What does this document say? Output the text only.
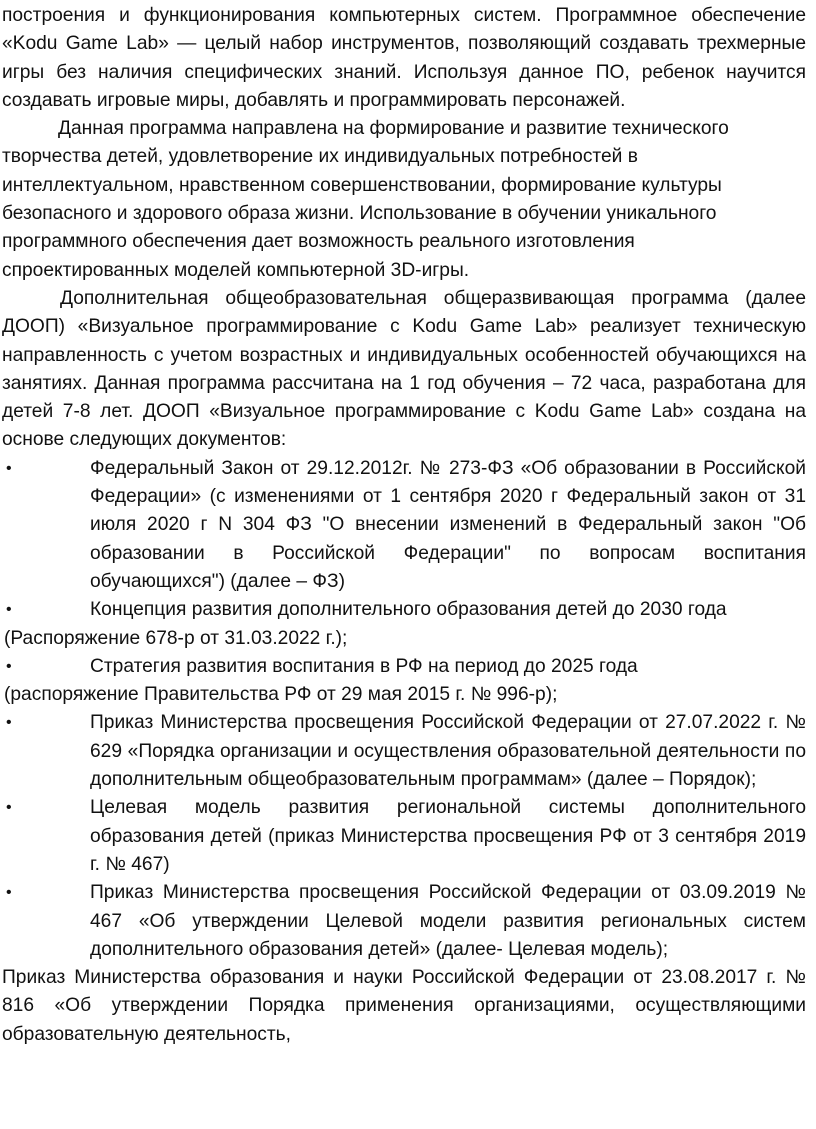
построения и функционирования компьютерных систем. Программное обеспечение «Kodu Game Lab» — целый набор инструментов, позволяющий создавать трехмерные игры без наличия специфических знаний. Используя данное ПО, ребенок научится создавать игровые миры, добавлять и программировать персонажей.

Данная программа направлена на формирование и развитие технического творчества детей, удовлетворение их индивидуальных потребностей в интеллектуальном, нравственном совершенствовании, формирование культуры безопасного и здорового образа жизни. Использование в обучении уникального программного обеспечения дает возможность реального изготовления спроектированных моделей компьютерной 3D-игры.

Дополнительная общеобразовательная общеразвивающая программа (далее ДООП) «Визуальное программирование с Kodu Game Lab» реализует техническую направленность с учетом возрастных и индивидуальных особенностей обучающихся на занятиях. Данная программа рассчитана на 1 год обучения – 72 часа, разработана для детей 7-8 лет. ДООП «Визуальное программирование с Kodu Game Lab» создана на основе следующих документов:

•	Федеральный Закон от 29.12.2012г. № 273-ФЗ «Об образовании в Российской Федерации» (с изменениями от 1 сентября 2020 г Федеральный закон от 31 июля 2020 г N 304 ФЗ "О внесении изменений в Федеральный закон "Об образовании в Российской Федерации" по вопросам воспитания обучающихся") (далее – ФЗ)
•	Концепция развития дополнительного образования детей до 2030 года
(Распоряжение 678-р от 31.03.2022 г.);
•	Стратегия развития воспитания в РФ на период до 2025 года
(распоряжение Правительства РФ от 29 мая 2015 г. № 996-р);
•	Приказ Министерства просвещения Российской Федерации от 27.07.2022 г. № 629 «Порядка организации и осуществления образовательной деятельности по дополнительным общеобразовательным программам» (далее – Порядок);
•	Целевая модель развития региональной системы дополнительного образования детей (приказ Министерства просвещения РФ от 3 сентября 2019 г. № 467)
•	Приказ Министерства просвещения Российской Федерации от 03.09.2019 № 467 «Об утверждении Целевой модели развития региональных систем дополнительного образования детей» (далее- Целевая модель);

Приказ Министерства образования и науки Российской Федерации от 23.08.2017 г. № 816 «Об утверждении Порядка применения организациями, осуществляющими образовательную деятельность,
